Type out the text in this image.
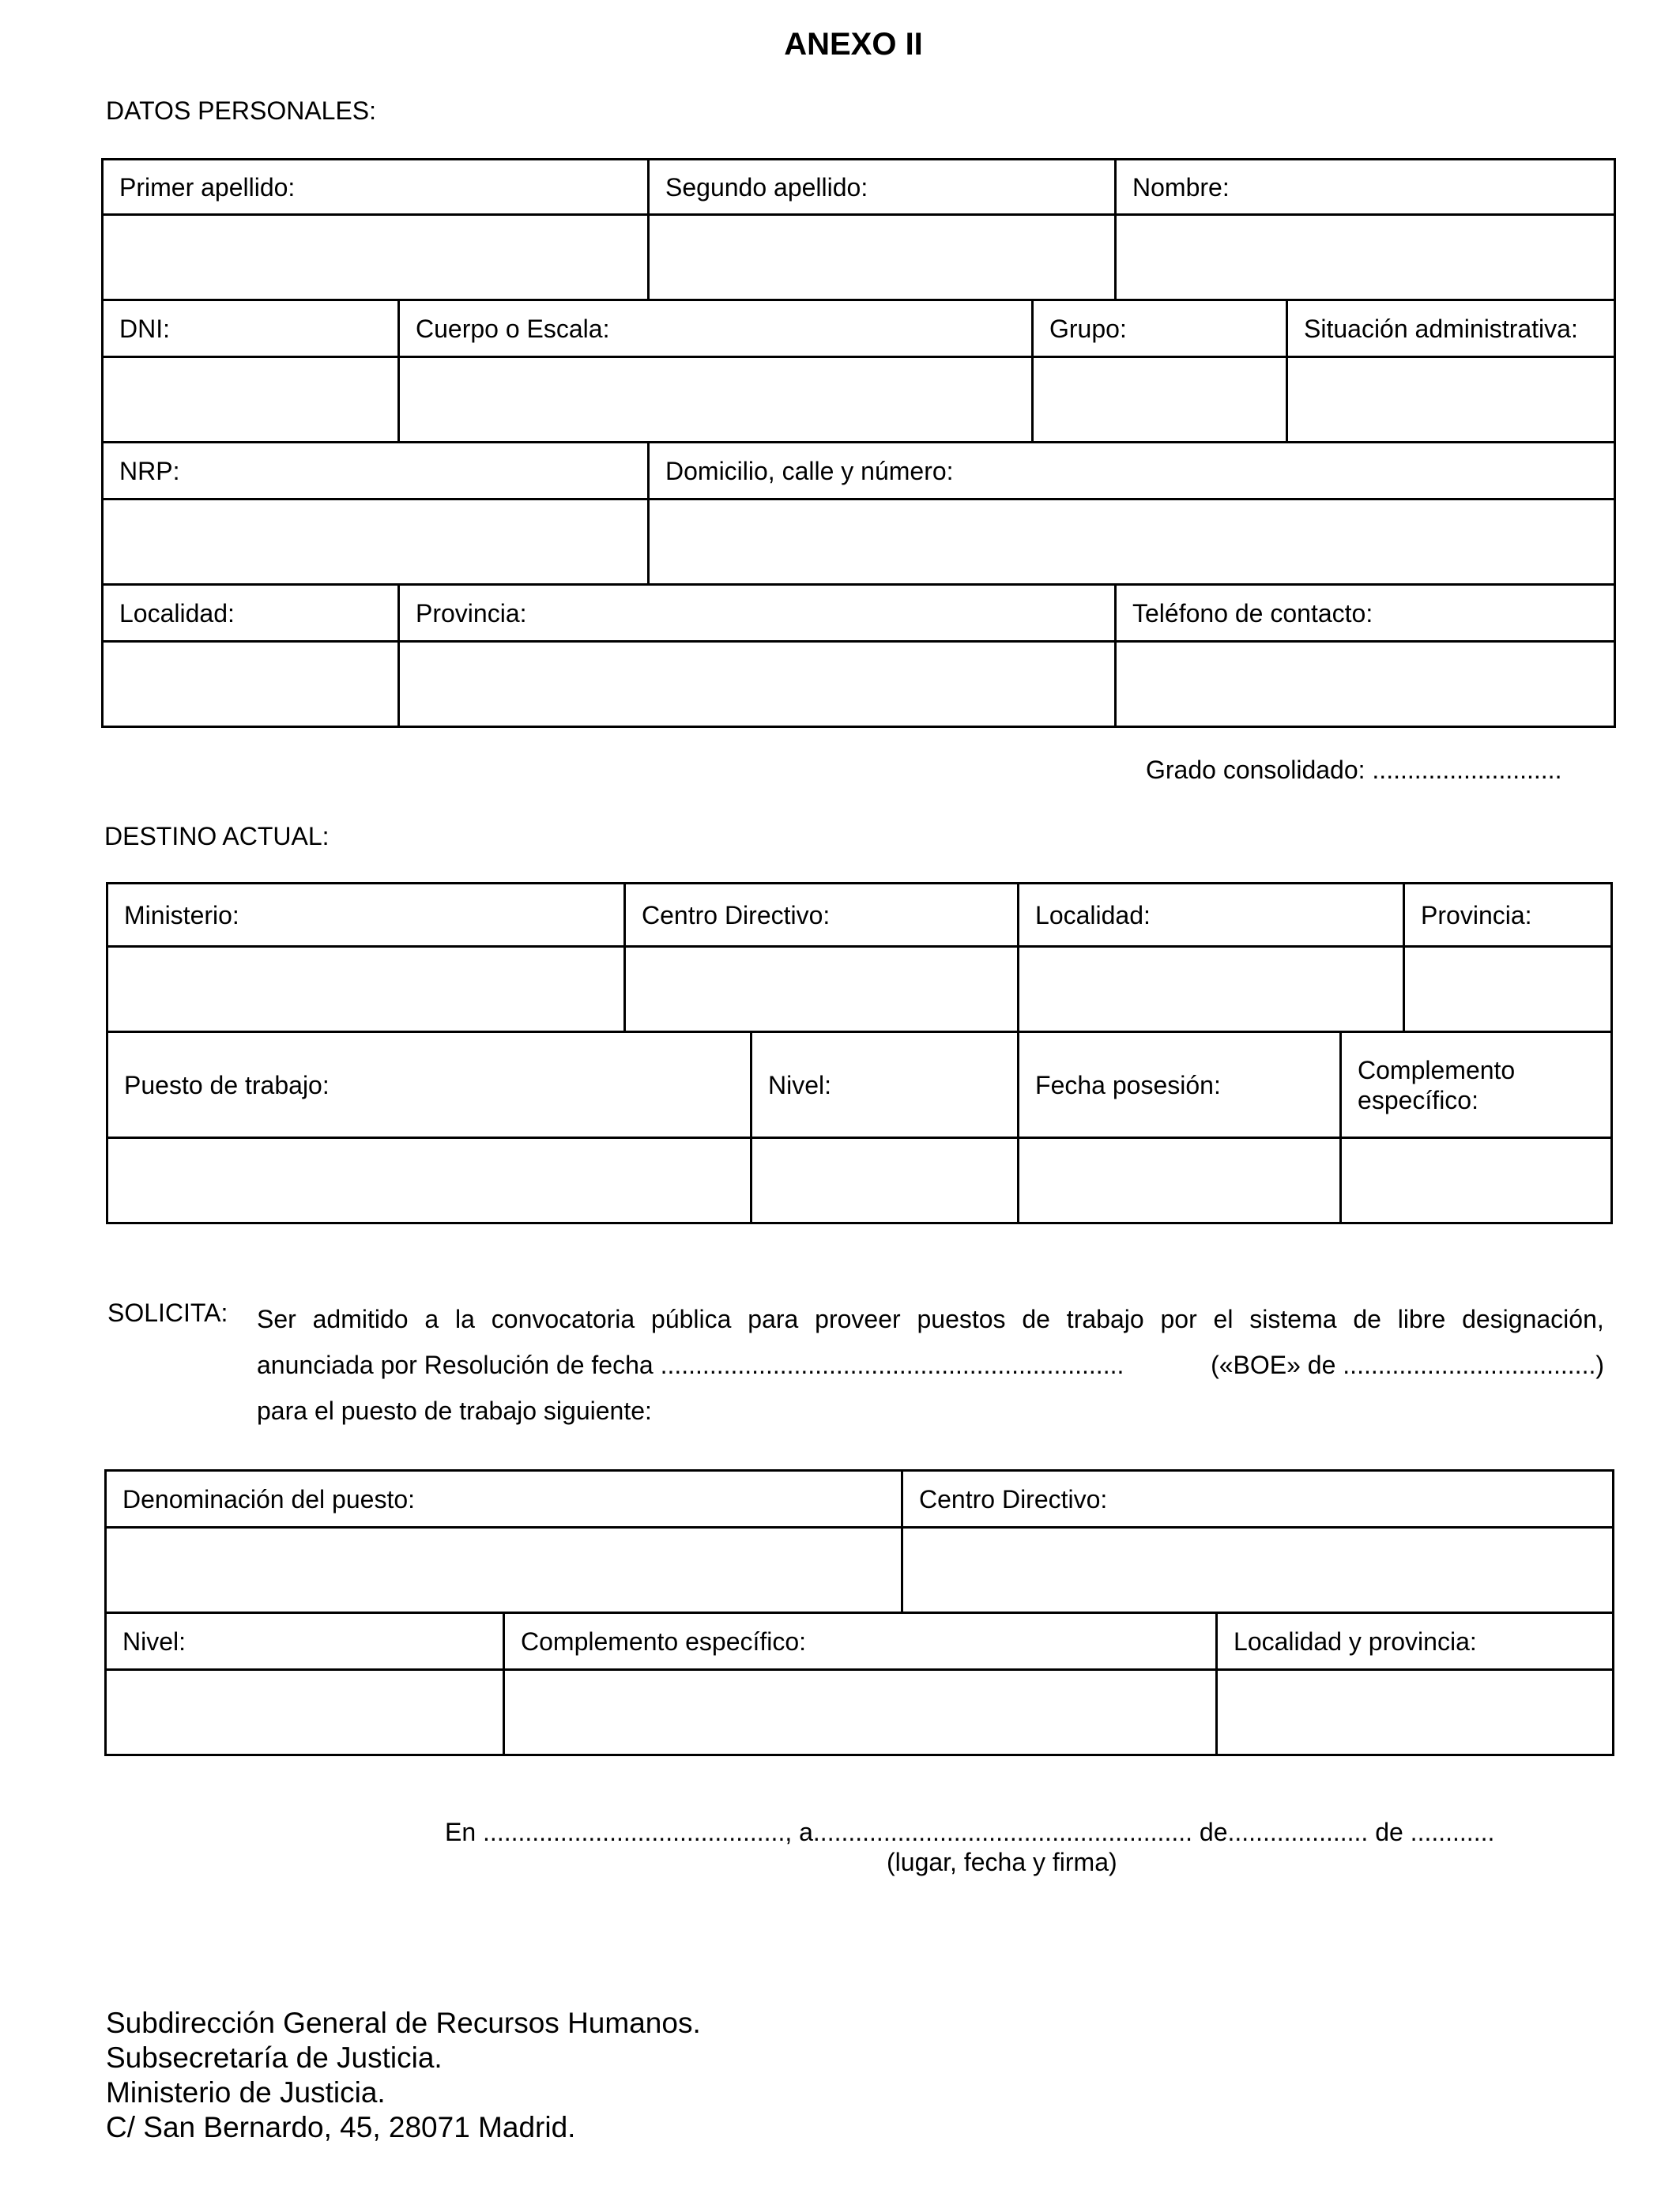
ANEXO II
DATOS PERSONALES:
Primer apellido:		Segundo apellido:		Nombre:	

DNI:	Cuerpo o Escala:		Grupo:		Situación administrativa:

NRP:		Domicilio, calle y número:			

Localidad:	Provincia:			Teléfono de contacto:	

Grado consolidado: ...........................
DESTINO ACTUAL:
Ministerio:	Centro Directivo:		Localidad:		Provincia:

Puesto de trabajo:		Nivel:	Fecha posesión:	Complemento
específico:	

SOLICITA: Ser admitido a la convocatoria pública para proveer puestos de trabajo por el sistema de libre designación,
anunciada por Resolución de fecha ..................................................................	(«BOE» de ....................................)
para el puesto de trabajo siguiente:
Denominación del puesto:		Centro Directivo:	

Nivel:	Complemento específico:		Localidad y provincia:

En ..........................................., a...................................................... de.................... de ............
(lugar, fecha y firma)
Subdirección General de Recursos Humanos.
Subsecretaría de Justicia.
Ministerio de Justicia.
C/ San Bernardo, 45, 28071 Madrid.
